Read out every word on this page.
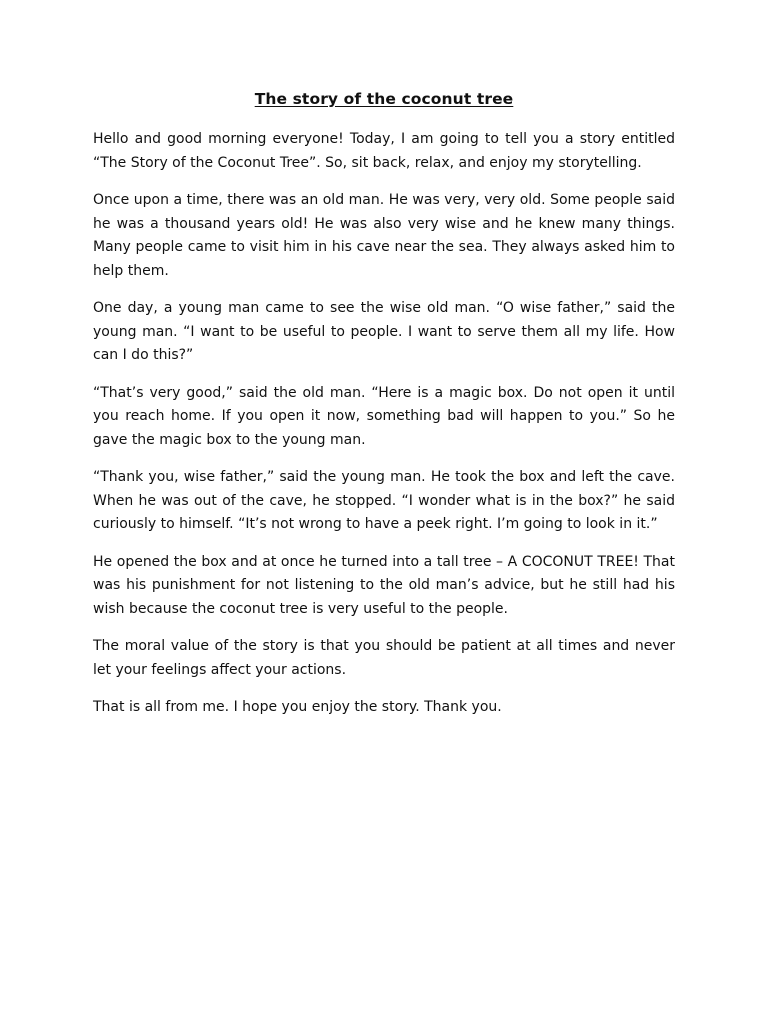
The story of the coconut tree

Hello and good morning everyone! Today, I am going to tell you a story entitled “The Story of the Coconut Tree”. So, sit back, relax, and enjoy my storytelling.

Once upon a time, there was an old man. He was very, very old. Some people said he was a thousand years old! He was also very wise and he knew many things. Many people came to visit him in his cave near the sea. They always asked him to help them.

One day, a young man came to see the wise old man. “O wise father,” said the young man. “I want to be useful to people. I want to serve them all my life. How can I do this?”

“That’s very good,” said the old man. “Here is a magic box. Do not open it until you reach home. If you open it now, something bad will happen to you.” So he gave the magic box to the young man.

“Thank you, wise father,” said the young man. He took the box and left the cave. When he was out of the cave, he stopped. “I wonder what is in the box?” he said curiously to himself. “It’s not wrong to have a peek right. I’m going to look in it.”

He opened the box and at once he turned into a tall tree – A COCONUT TREE! That was his punishment for not listening to the old man’s advice, but he still had his wish because the coconut tree is very useful to the people.

The moral value of the story is that you should be patient at all times and never let your feelings affect your actions.

That is all from me. I hope you enjoy the story. Thank you.
